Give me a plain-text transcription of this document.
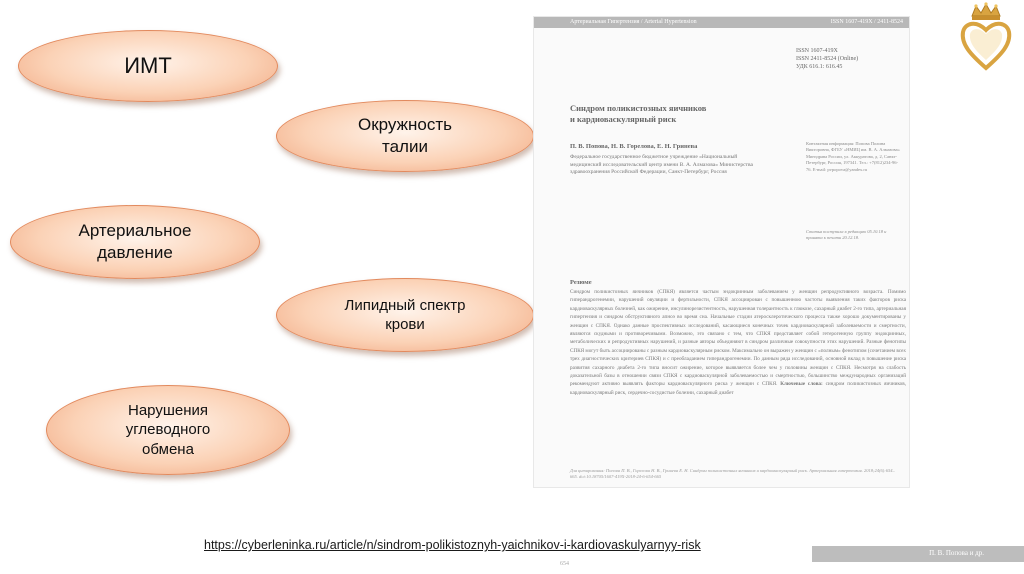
ИМТ
Окружность
талии
Артериальное
давление
Липидный спектр
крови
Нарушения
углеводного
обмена
Артериальная Гипертензия / Arterial Hypertension	ISSN 1607-419X / 2411-8524
ISSN 1607-419X
ISSN 2411-8524 (Online)
УДК 616.1: 616.45
Синдром поликистозных яичников
и кардиоваскулярный риск
П. В. Попова, Н. В. Горелова, Е. Н. Гринева
Федеральное государственное бюджетное учреждение «Национальный медицинский исследовательский центр имени В. А. Алмазова» Министерства здравоохранения Российской Федерации, Санкт-Петербург, Россия
Контактная информация: Попова Полина Викторовна, ФГБУ «НМИЦ им. В. А. Алмазова» Минздрава России, ул. Аккуратова, д. 2, Санкт-Петербург, Россия, 197341. Тел.: +7(812)234-96-76. E-mail: pvpopova@yandex.ru
Статья поступила в редакцию 05.10.18 и принята к печати 20.12.18.
Резюме
Синдром поликистозных яичников (СПКЯ) является частым эндокринным заболеванием у женщин репродуктивного возраста. Помимо гиперандрогенемии, нарушений овуляции и фертильности, СПКЯ ассоциирован с повышенною частоты выявления таких факторов риска кардиоваскулярных болезней, как ожирение, инсулинорезистентность, нарушенная толерантность к глюкозе, сахарный диабет 2-го типа, артериальная гипертензия и синдром обструктивного апноэ во время сна. Начальные стадии атеросклеротического процесса также хорошо документированы у женщин с СПКЯ. Однако данные проспективных исследований, касающиеся конечных точек кардиоваскулярной заболеваемости и смертности, являются скудными и противоречивыми. Возможно, это связано с тем, что СПКЯ представляет собой гетерогенную группу эндокринных, метаболических и репродуктивных нарушений, и разные авторы объединяют в синдром различные совокупности этих нарушений. Разные фенотипы СПКЯ могут быть ассоциированы с разным кардиоваскулярным риском. Максимально он выражен у женщин с «полным» фенотипом (сочетанием всех трех диагностических критериев СПКЯ) и с преобладанием гиперандрогенемии. По данным ряда исследований, основной вклад в повышение риска развития сахарного диабета 2-го типа вносит ожирение, которое выявляется более чем у половины женщин с СПКЯ. Несмотря на слабость доказательной базы в отношении связи СПКЯ с кардиоваскулярной заболеваемостью и смертностью, большинство международных организаций рекомендуют активно выявлять факторы кардиоваскулярного риска у женщин с СПКЯ. Ключевые слова: синдром поликистозных яичников, кардиоваскулярный риск, сердечно-сосудистые болезни, сахарный диабет
Для цитирования: Попова П. В., Горелова Н. В., Гринева Е. Н. Синдром поликистозных яичников и кардиоваскулярный риск. Артериальная гипертензия. 2018;24(6):654–665. doi:10.18705/1607-419X-2018-24-6-654-665
П. В. Попова и др.
654
https://cyberleninka.ru/article/n/sindrom-polikistoznyh-yaichnikov-i-kardiovaskulyarnyy-risk
